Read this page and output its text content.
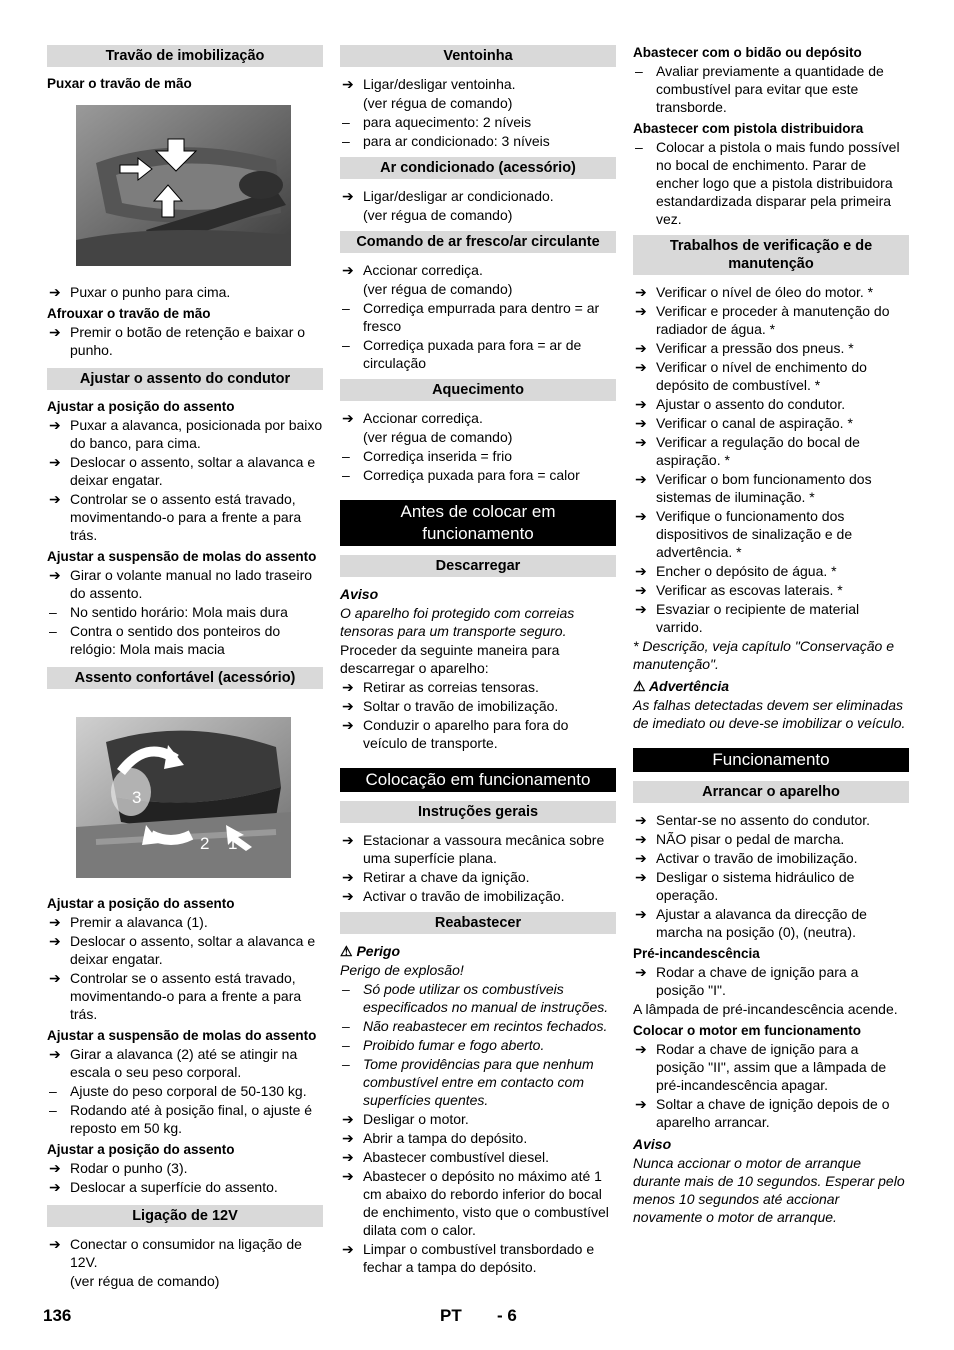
Travão de imobilização
Puxar o travão de mão
➔ Puxar o punho para cima.
Afrouxar o travão de mão
➔ Premir o botão de retenção e baixar o punho.
Ajustar o assento do condutor
Ajustar a posição do assento
➔ Puxar a alavanca, posicionada por baixo do banco, para cima.
➔ Deslocar o assento, soltar a alavanca e deixar engatar.
➔ Controlar se o assento está travado, movimentando-o para a frente a para trás.
Ajustar a suspensão de molas do assento
➔ Girar o volante manual no lado traseiro do assento.
– No sentido horário: Mola mais dura
– Contra o sentido dos ponteiros do relógio: Mola mais macia
Assento confortável (acessório)
3
2 1
Ajustar a posição do assento
➔ Premir a alavanca (1).
➔ Deslocar o assento, soltar a alavanca e deixar engatar.
➔ Controlar se o assento está travado, movimentando-o para a frente a para trás.
Ajustar a suspensão de molas do assento
➔ Girar a alavanca (2) até se atingir na escala o seu peso corporal.
– Ajuste do peso corporal de 50-130 kg.
– Rodando até à posição final, o ajuste é reposto em 50 kg.
Ajustar a posição do assento
➔ Rodar o punho (3).
➔ Deslocar a superfície do assento.
Ligação de 12V
➔ Conectar o consumidor na ligação de 12V.
(ver régua de comando)
Ventoinha
➔ Ligar/desligar ventoinha.
(ver régua de comando)
– para aquecimento: 2 níveis
– para ar condicionado: 3 níveis
Ar condicionado (acessório)
➔ Ligar/desligar ar condicionado.
(ver régua de comando)
Comando de ar fresco/ar circulante
➔ Accionar corrediça.
(ver régua de comando)
– Corrediça empurrada para dentro = ar fresco
– Corrediça puxada para fora = ar de circulação
Aquecimento
➔ Accionar corrediça.
(ver régua de comando)
– Corrediça inserida = frio
– Corrediça puxada para fora = calor
Antes de colocar em funcionamento
Descarregar
Aviso
O aparelho foi protegido com correias tensoras para um transporte seguro.
Proceder da seguinte maneira para descarregar o aparelho:
➔ Retirar as correias tensoras.
➔ Soltar o travão de imobilização.
➔ Conduzir o aparelho para fora do veículo de transporte.
Colocação em funcionamento
Instruções gerais
➔ Estacionar a vassoura mecânica sobre uma superfície plana.
➔ Retirar a chave da ignição.
➔ Activar o travão de imobilização.
Reabastecer
⚠ Perigo
Perigo de explosão!
– Só pode utilizar os combustíveis especificados no manual de instruções.
– Não reabastecer em recintos fechados.
– Proibido fumar e fogo aberto.
– Tome providências para que nenhum combustível entre em contacto com superfícies quentes.
➔ Desligar o motor.
➔ Abrir a tampa do depósito.
➔ Abastecer combustível diesel.
➔ Abastecer o depósito no máximo até 1 cm abaixo do rebordo inferior do bocal de enchimento, visto que o combustível dilata com o calor.
➔ Limpar o combustível transbordado e fechar a tampa do depósito.
Abastecer com o bidão ou depósito
– Avaliar previamente a quantidade de combustível para evitar que este transborde.
Abastecer com pistola distribuidora
– Colocar a pistola o mais fundo possível no bocal de enchimento. Parar de encher logo que a pistola distribuidora estandardizada disparar pela primeira vez.
Trabalhos de verificação e de manutenção
➔ Verificar o nível de óleo do motor. *
➔ Verificar e proceder à manutenção do radiador de água. *
➔ Verificar a pressão dos pneus. *
➔ Verificar o nível de enchimento do depósito de combustível. *
➔ Ajustar o assento do condutor.
➔ Verificar o canal de aspiração. *
➔ Verificar a regulação do bocal de aspiração. *
➔ Verificar o bom funcionamento dos sistemas de iluminação. *
➔ Verifique o funcionamento dos dispositivos de sinalização e de advertência. *
➔ Encher o depósito de água. *
➔ Verificar as escovas laterais. *
➔ Esvaziar o recipiente de material varrido.
* Descrição, veja capítulo "Conservação e manutenção".
⚠ Advertência
As falhas detectadas devem ser eliminadas de imediato ou deve-se imobilizar o veículo.
Funcionamento
Arrancar o aparelho
➔ Sentar-se no assento do condutor.
➔ NÃO pisar o pedal de marcha.
➔ Activar o travão de imobilização.
➔ Desligar o sistema hidráulico de operação.
➔ Ajustar a alavanca da direcção de marcha na posição (0), (neutra).
Pré-incandescência
➔ Rodar a chave de ignição para a posição "I".
A lâmpada de pré-incandescência acende.
Colocar o motor em funcionamento
➔ Rodar a chave de ignição para a posição "II", assim que a lâmpada de pré-incandescência apagar.
➔ Soltar a chave de ignição depois de o aparelho arrancar.
Aviso
Nunca accionar o motor de arranque durante mais de 10 segundos. Esperar pelo menos 10 segundos até accionar novamente o motor de arranque.
136	PT - 6
